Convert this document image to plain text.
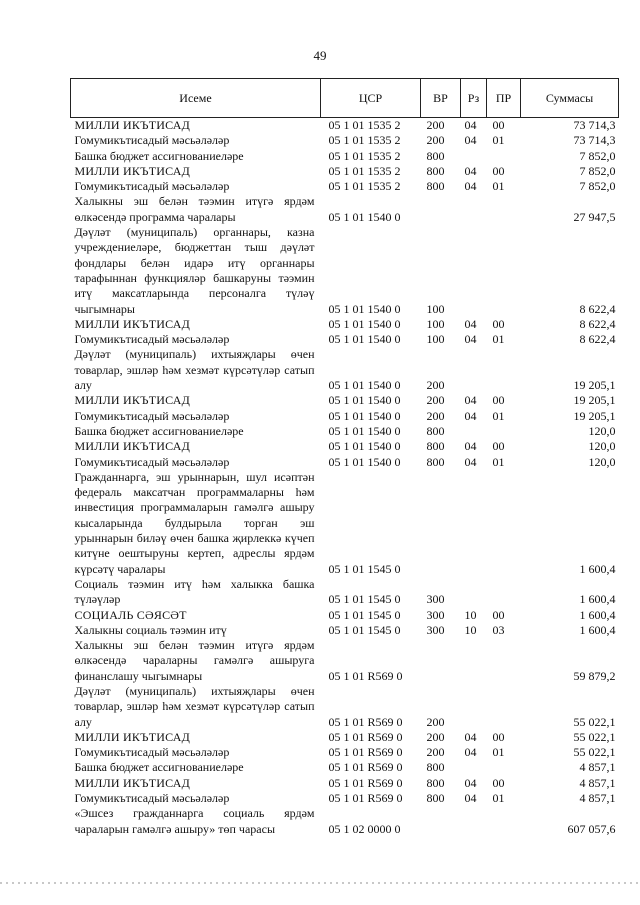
49
Исеме	ЦСР	ВР	Рз	ПР	Суммасы
МИЛЛИ ИКЪТИСАД	05 1 01 1535 2	200	04	00	73 714,3
Гомумикътисадый мәсьәләләр	05 1 01 1535 2	200	04	01	73 714,3
Башка бюджет ассигнованиеләре	05 1 01 1535 2	800			7 852,0
МИЛЛИ ИКЪТИСАД	05 1 01 1535 2	800	04	00	7 852,0
Гомумикътисадый мәсьәләләр	05 1 01 1535 2	800	04	01	7 852,0
Халыкны эш белән тәэмин итүгә ярдәм өлкәсендә программа чаралары	05 1 01 1540 0				27 947,5
Дәүләт (муниципаль) органнары, казна учреждениеләре, бюджеттан тыш дәүләт фондлары белән идарә итү органнары тарафыннан функцияләр башкаруны тәэмин итү максатларында персоналга түләү чыгымнары	05 1 01 1540 0	100			8 622,4
МИЛЛИ ИКЪТИСАД	05 1 01 1540 0	100	04	00	8 622,4
Гомумикътисадый мәсьәләләр	05 1 01 1540 0	100	04	01	8 622,4
Дәүләт (муниципаль) ихтыяҗлары өчен товарлар, эшләр һәм хезмәт күрсәтүләр сатып алу	05 1 01 1540 0	200			19 205,1
МИЛЛИ ИКЪТИСАД	05 1 01 1540 0	200	04	00	19 205,1
Гомумикътисадый мәсьәләләр	05 1 01 1540 0	200	04	01	19 205,1
Башка бюджет ассигнованиеләре	05 1 01 1540 0	800			120,0
МИЛЛИ ИКЪТИСАД	05 1 01 1540 0	800	04	00	120,0
Гомумикътисадый мәсьәләләр	05 1 01 1540 0	800	04	01	120,0
Гражданнарга, эш урыннарын, шул исәптән федераль максатчан программаларны һәм инвестиция программаларын гамәлгә ашыру кысаларында булдырыла торган эш урыннарын биләү өчен башка җирлеккә күчеп китүне оештыруны кертеп, адреслы ярдәм күрсәтү чаралары	05 1 01 1545 0				1 600,4
Социаль тәэмин итү һәм халыкка башка түләүләр	05 1 01 1545 0	300			1 600,4
СОЦИАЛЬ СӘЯСӘТ	05 1 01 1545 0	300	10	00	1 600,4
Халыкны социаль тәэмин итү	05 1 01 1545 0	300	10	03	1 600,4
Халыкны эш белән тәэмин итүгә ярдәм өлкәсендә чараларны гамәлгә ашыруга финанслашу чыгымнары	05 1 01 R569 0				59 879,2
Дәүләт (муниципаль) ихтыяҗлары өчен товарлар, эшләр һәм хезмәт күрсәтүләр сатып алу	05 1 01 R569 0	200			55 022,1
МИЛЛИ ИКЪТИСАД	05 1 01 R569 0	200	04	00	55 022,1
Гомумикътисадый мәсьәләләр	05 1 01 R569 0	200	04	01	55 022,1
Башка бюджет ассигнованиеләре	05 1 01 R569 0	800			4 857,1
МИЛЛИ ИКЪТИСАД	05 1 01 R569 0	800	04	00	4 857,1
Гомумикътисадый мәсьәләләр	05 1 01 R569 0	800	04	01	4 857,1
«Эшсез гражданнарга социаль ярдәм чараларын гамәлгә ашыру» төп чарасы	05 1 02 0000 0				607 057,6
